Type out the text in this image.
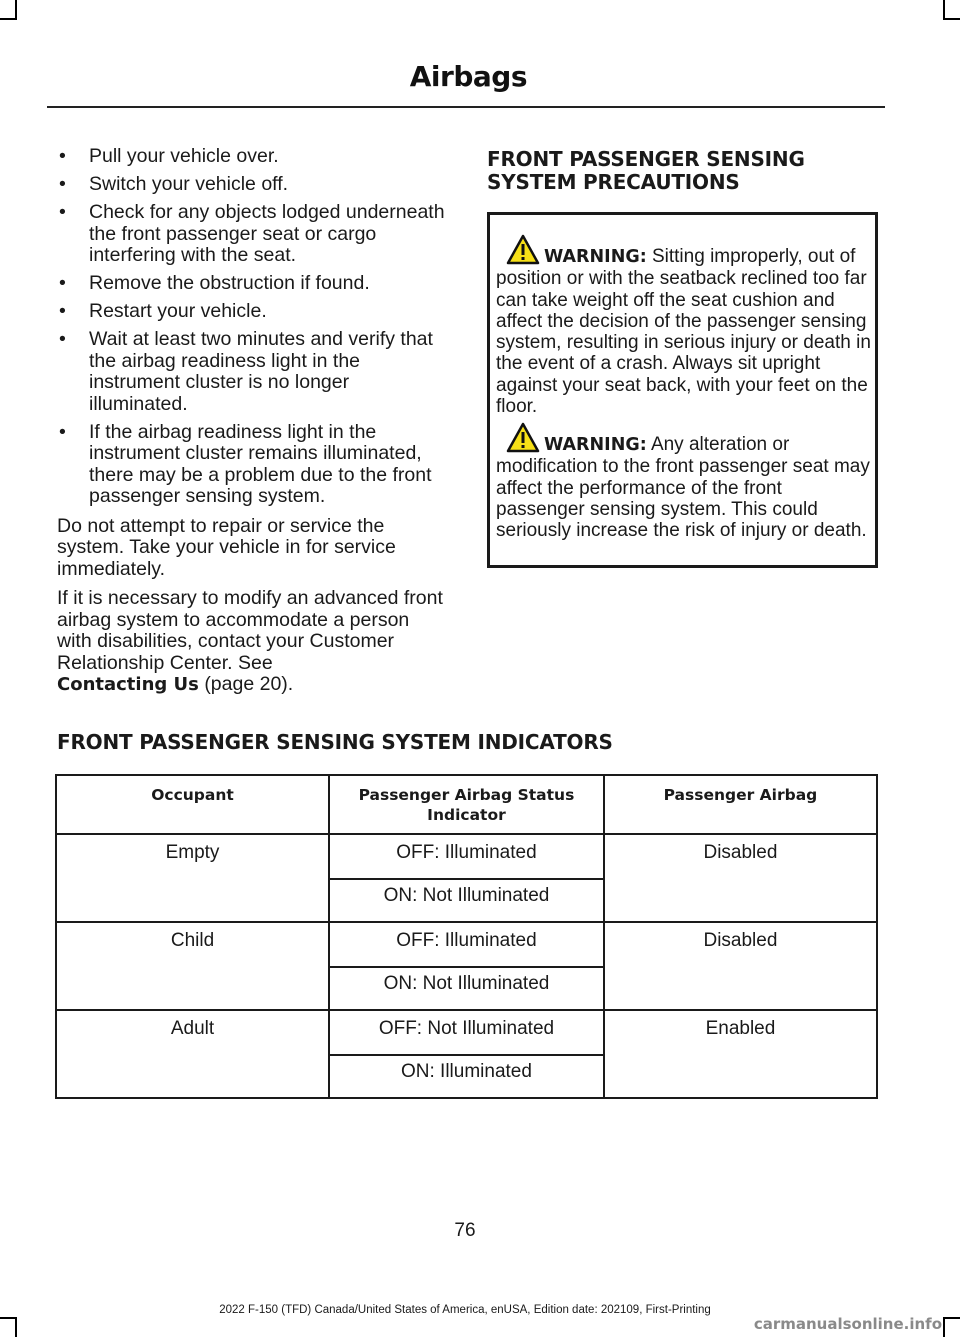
Airbags
• Pull your vehicle over.
• Switch your vehicle off.
• Check for any objects lodged underneath the front passenger seat or cargo interfering with the seat.
• Remove the obstruction if found.
• Restart your vehicle.
• Wait at least two minutes and verify that the airbag readiness light in the instrument cluster is no longer illuminated.
• If the airbag readiness light in the instrument cluster remains illuminated, there may be a problem due to the front passenger sensing system.

Do not attempt to repair or service the system. Take your vehicle in for service immediately.

If it is necessary to modify an advanced front airbag system to accommodate a person with disabilities, contact your Customer Relationship Center. See
Contacting Us (page 20).

FRONT PASSENGER SENSING SYSTEM PRECAUTIONS
WARNING: Sitting improperly, out of position or with the seatback reclined too far can take weight off the seat cushion and affect the decision of the passenger sensing system, resulting in serious injury or death in the event of a crash. Always sit upright against your seat back, with your feet on the floor.
WARNING: Any alteration or modification to the front passenger seat may affect the performance of the front passenger sensing system. This could seriously increase the risk of injury or death.
FRONT PASSENGER SENSING SYSTEM INDICATORS
Occupant	Passenger Airbag Status Indicator	Passenger Airbag
Empty	OFF: Illuminated	Disabled
	ON: Not Illuminated	
Child	OFF: Illuminated	Disabled
	ON: Not Illuminated	
Adult	OFF: Not Illuminated	Enabled
	ON: Illuminated	
76
2022 F-150 (TFD) Canada/United States of America, enUSA, Edition date: 202109, First-Printing
carmanualsonline.info
